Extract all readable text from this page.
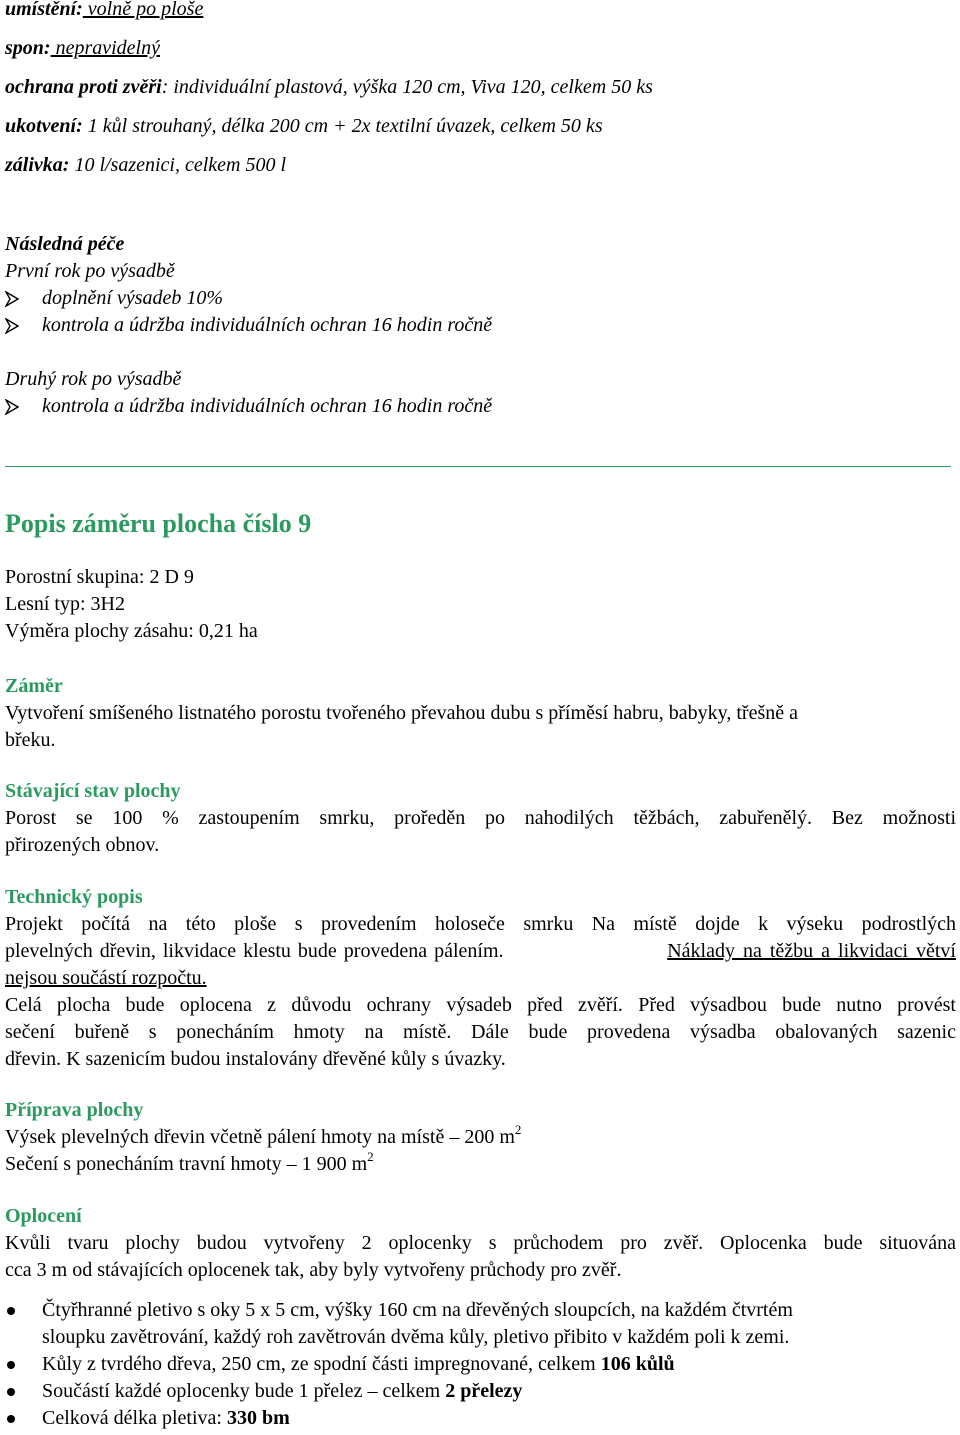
umístění: volně po ploše
spon: nepravidelný
ochrana proti zvěři: individuální plastová, výška 120 cm, Viva 120, celkem 50 ks
ukotvení: 1 kůl strouhaný, délka 200 cm + 2x textilní úvazek, celkem 50 ks
zálivka: 10 l/sazenici, celkem 500 l
Následná péče
První rok po výsadbě
doplnění výsadeb 10%
kontrola a údržba individuálních ochran 16 hodin ročně
Druhý rok po výsadbě
kontrola a údržba individuálních ochran 16 hodin ročně
Popis záměru plocha číslo 9
Porostní skupina: 2 D 9
Lesní typ: 3H2
Výměra plochy zásahu: 0,21 ha
Záměr
Vytvoření smíšeného listnatého porostu tvořeného převahou dubu s příměsí habru, babyky, třešně a
břeku.
Stávající stav plochy
Porost se 100 % zastoupením smrku, proředěn po nahodilých těžbách, zabuřenělý. Bez možnosti
přirozených obnov.
Technický popis
Projekt počítá na této ploše s provedením holoseče smrku Na místě dojde k výseku podrostlých
plevelných dřevin, likvidace klestu bude provedena pálením.	Náklady na těžbu a likvidaci větví
nejsou součástí rozpočtu.
Celá plocha bude oplocena z důvodu ochrany výsadeb před zvěří. Před výsadbou bude nutno provést
sečení buřeně s ponecháním hmoty na místě. Dále bude provedena výsadba obalovaných sazenic
dřevin. K sazenicím budou instalovány dřevěné kůly s úvazky.
Příprava plochy
Výsek plevelných dřevin včetně pálení hmoty na místě – 200 $m^2$
Sečení s ponecháním travní hmoty – 1 900 $m^2$
Oplocení
Kvůli tvaru plochy budou vytvořeny 2 oplocenky s průchodem pro zvěř. Oplocenka bude situována
cca 3 m od stávajících oplocenek tak, aby byly vytvořeny průchody pro zvěř.
Čtyřhranné pletivo s oky 5 x 5 cm, výšky 160 cm na dřevěných sloupcích, na každém čtvrtém
sloupku zavětrování, každý roh zavětrován dvěma kůly, pletivo přibito v každém poli k zemi.
Kůly z tvrdého dřeva, 250 cm, ze spodní části impregnované, celkem 106 kůlů
Součástí každé oplocenky bude 1 přelez – celkem 2 přelezy
Celková délka pletiva: 330 bm
